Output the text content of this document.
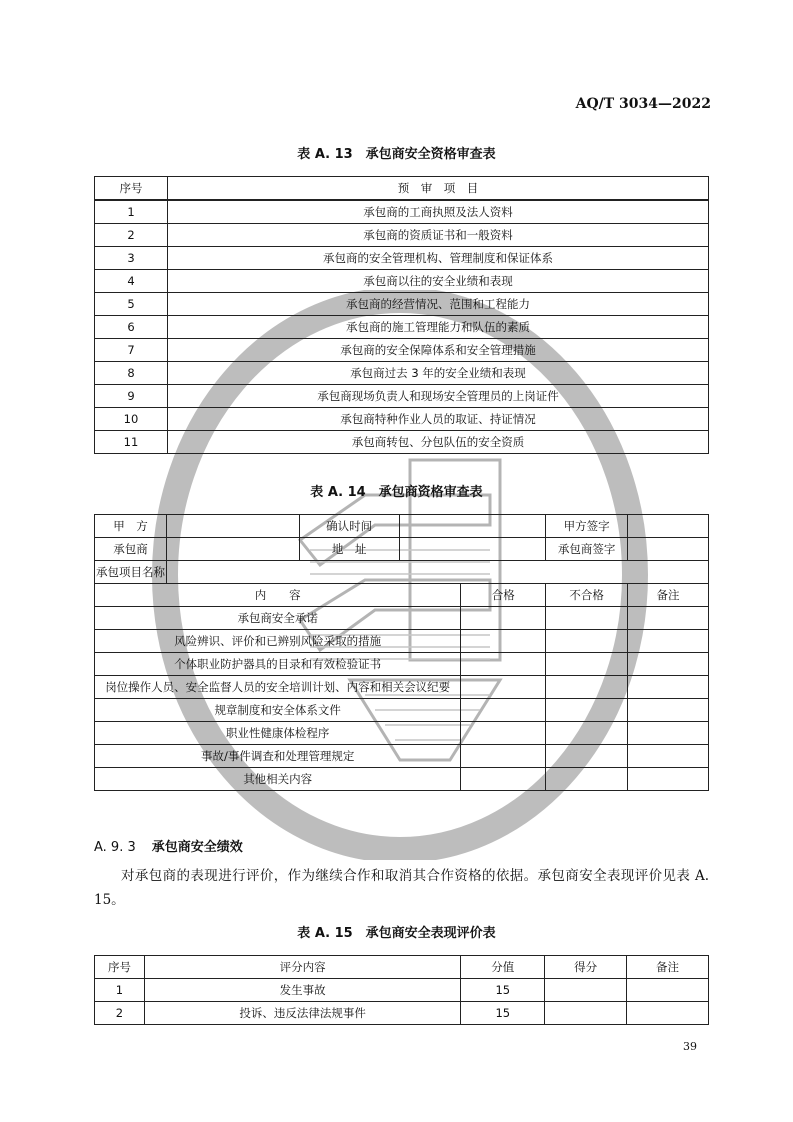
AQ/T 3034—2022
表 A. 13　承包商安全资格审查表
序号	预　审　项　目
1	承包商的工商执照及法人资料
2	承包商的资质证书和一般资料
3	承包商的安全管理机构、管理制度和保证体系
4	承包商以往的安全业绩和表现
5	承包商的经营情况、范围和工程能力
6	承包商的施工管理能力和队伍的素质
7	承包商的安全保障体系和安全管理措施
8	承包商过去 3 年的安全业绩和表现
9	承包商现场负责人和现场安全管理员的上岗证件
10	承包商特种作业人员的取证、持证情况
11	承包商转包、分包队伍的安全资质
表 A. 14　承包商资格审查表
甲　方		确认时间			甲方签字	
承包商		地　址			承包商签字	
承包项目名称						
内　　容				合格	不合格	备注
承包商安全承诺						
风险辨识、评价和已辨别风险采取的措施						
个体职业防护器具的目录和有效检验证书						
岗位操作人员、安全监督人员的安全培训计划、内容和相关会议纪要						
规章制度和安全体系文件						
职业性健康体检程序						
事故/事件调查和处理管理规定						
其他相关内容						
A. 9. 3 承包商安全绩效
对承包商的表现进行评价，作为继续合作和取消其合作资格的依据。承包商安全表现评价见表 A. 15。
表 A. 15　承包商安全表现评价表
序号	评分内容	分值	得分	备注
1	发生事故	15		
2	投诉、违反法律法规事件	15		
39
